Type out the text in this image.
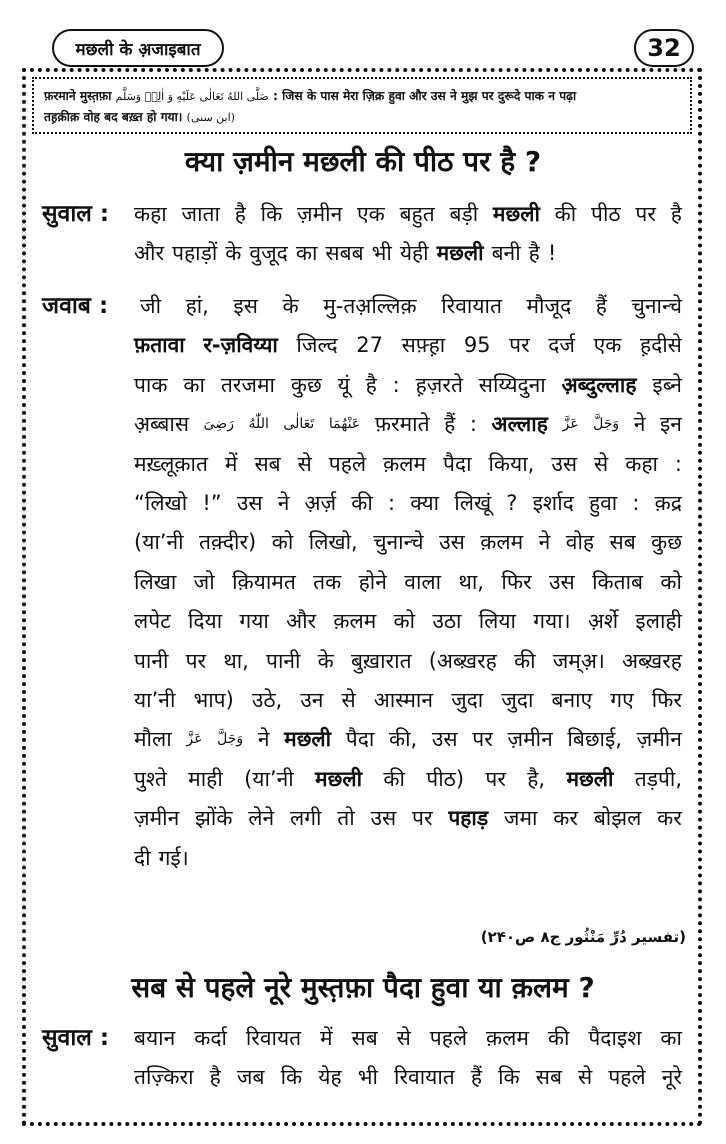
मछली के अ़जाइबात	32
फ़रमाने मुस्त़फ़ा صَلَّى اللهُ تَعَالٰی عَلَیْهِ وَ اٰلِهٖ وَسَلَّم : जिस के पास मेरा ज़िक्र हुवा और उस ने मुझ पर दुरूदे पाक न पढ़ा
तह़क़ीक़ वोह बद बख़्त हो गया। (ابن سنی)
क्या ज़मीन मछली की पीठ पर है ?
सुवाल : कहा जाता है कि ज़मीन एक बहुत बड़ी मछली की पीठ पर है
और पहाड़ों के वुजूद का सबब भी येही मछली बनी है !
जवाब : जी हां, इस के मु-तअ़ल्लिक़ रिवायात मौजूद हैं चुनान्चे
फ़तावा र-ज़विय्या जिल्द 27 सफ़्ह़ा 95 पर दर्ज एक ह़दीसे
पाक का तरजमा कुछ यूं है : ह़ज़रते सय्यिदुना अ़ब्दुल्लाह इब्ने
अ़ब्बास رَضِیَ اللّٰهُ تَعَالٰی عَنْهُمَا फ़रमाते हैं : अल्लाह عَزَّ وَجَلَّ ने इन
मख़्लूक़ात में सब से पहले क़लम पैदा किया, उस से कहा :
“लिखो !” उस ने अ़र्ज़ की : क्या लिखूं ? इर्शाद हुवा : क़द्र
(या’नी तक़्दीर) को लिखो, चुनान्चे उस क़लम ने वोह सब कुछ
लिखा जो क़ियामत तक होने वाला था, फिर उस किताब को
लपेट दिया गया और क़लम को उठा लिया गया। अ़र्शे इलाही
पानी पर था, पानी के बुख़ारात (अब्ख़रह की जम्अ़। अब्ख़रह
या’नी भाप) उठे, उन से आस्मान जुदा जुदा बनाए गए फिर
मौला عَزَّ وَجَلَّ ने मछली पैदा की, उस पर ज़मीन बिछाई, ज़मीन
पुश्ते माही (या’नी मछली की पीठ) पर है, मछली तड़पी,
ज़मीन झोंके लेने लगी तो उस पर पहाड़ जमा कर बोझल कर
दी गई।
(تفسیر دُرِّ مَنْثُور ج۸ ص۲۴۰)
सब से पहले नूरे मुस्त़फ़ा पैदा हुवा या क़लम ?
सुवाल : बयान कर्दा रिवायत में सब से पहले क़लम की पैदाइश का
तज़्किरा है जब कि येह भी रिवायात हैं कि सब से पहले नूरे
